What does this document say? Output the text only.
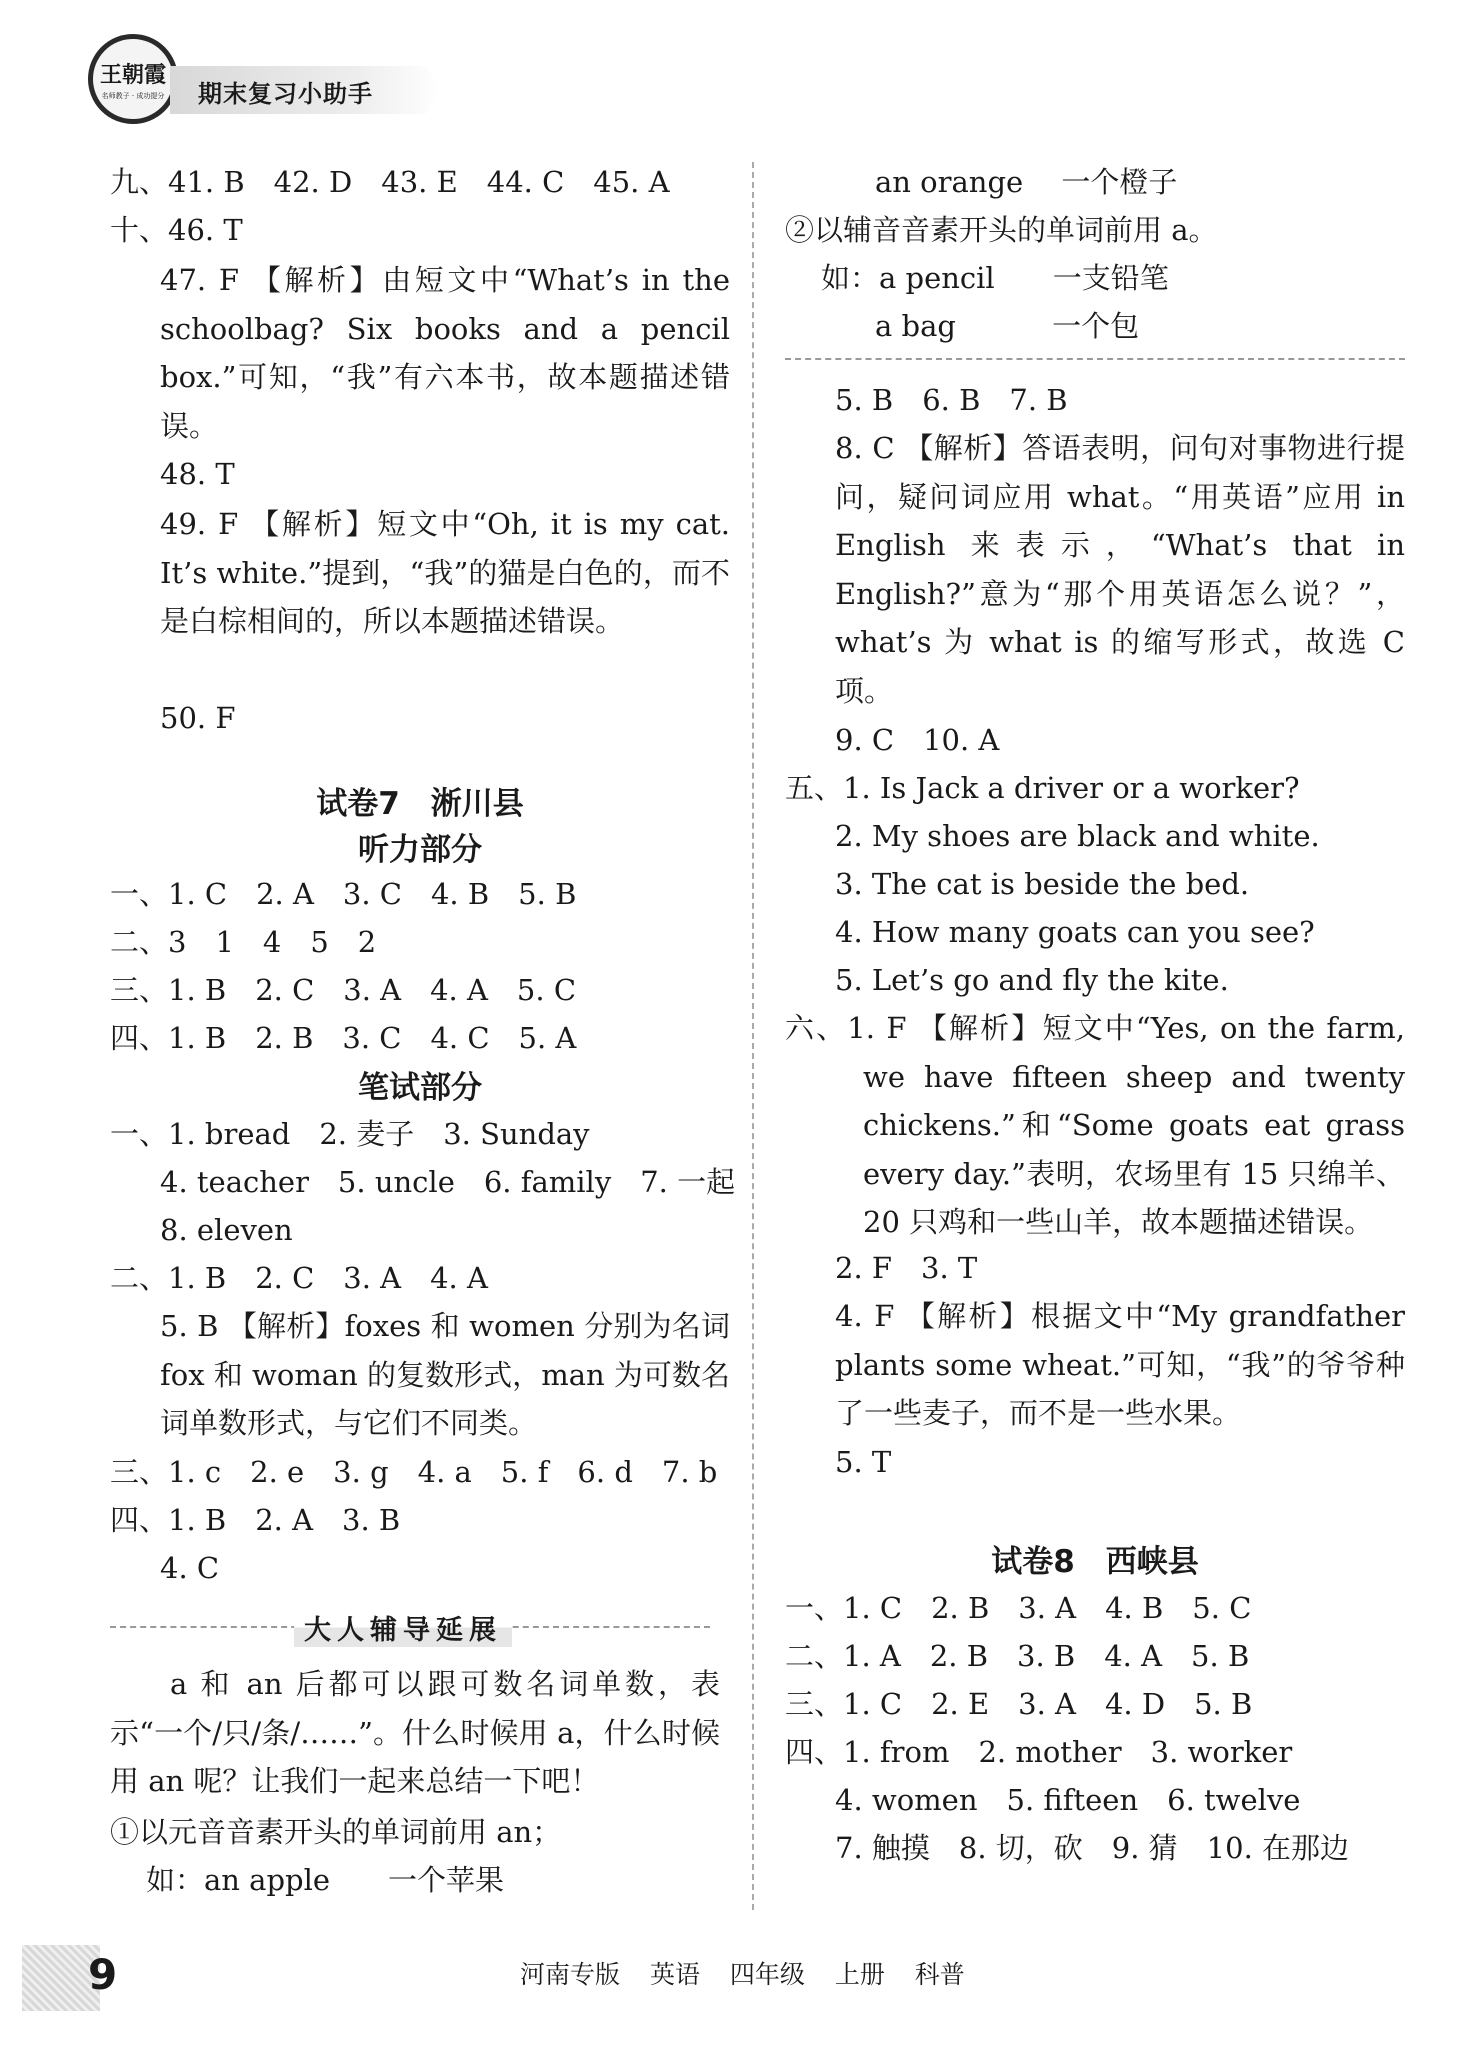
王朝霞
名师教子 · 成功提分 期末复习小助手
九、41. B　42. D　43. E　44. C　45. A
十、46. T
47. F 【解析】由短文中“What’s in the schoolbag? Six books and a pencil box.”可知，“我”有六本书，故本题描述错误。
48. T
49. F 【解析】短文中“Oh, it is my cat. It’s white.”提到，“我”的猫是白色的，而不是白棕相间的，所以本题描述错误。
50. F
试卷7　淅川县
听力部分
一、1. C　2. A　3. C　4. B　5. B
二、3　1　4　5　2
三、1. B　2. C　3. A　4. A　5. C
四、1. B　2. B　3. C　4. C　5. A
笔试部分
一、1. bread　2. 麦子　3. Sunday
4. teacher　5. uncle　6. family　7. 一起
8. eleven
二、1. B　2. C　3. A　4. A
5. B 【解析】foxes 和 women 分别为名词 fox 和 woman 的复数形式，man 为可数名词单数形式，与它们不同类。
三、1. c　2. e　3. g　4. a　5. f　6. d　7. b
四、1. B　2. A　3. B
4. C
大人辅导延展
a 和 an 后都可以跟可数名词单数，表示“一个/只/条/……”。什么时候用 a，什么时候用 an 呢？让我们一起来总结一下吧！
①以元音音素开头的单词前用 an；
如：an apple　　一个苹果
an orange　 一个橙子
②以辅音音素开头的单词前用 a。
如：a pencil　　一支铅笔
a bag　　　 一个包
5. B　6. B　7. B
8. C 【解析】答语表明，问句对事物进行提问，疑问词应用 what。“用英语”应用 in English 来表示，“What’s that in English?”意为“那个用英语怎么说？”，what’s 为 what is 的缩写形式，故选 C 项。
9. C　10. A
五、1. Is Jack a driver or a worker?
2. My shoes are black and white.
3. The cat is beside the bed.
4. How many goats can you see?
5. Let’s go and fly the kite.
六、1. F 【解析】短文中“Yes, on the farm, we have fifteen sheep and twenty chickens.”和“Some goats eat grass every day.”表明，农场里有 15 只绵羊、20 只鸡和一些山羊，故本题描述错误。
2. F　3. T
4. F 【解析】根据文中“My grandfather plants some wheat.”可知，“我”的爷爷种了一些麦子，而不是一些水果。
5. T
试卷8　西峡县
一、1. C　2. B　3. A　4. B　5. C
二、1. A　2. B　3. B　4. A　5. B
三、1. C　2. E　3. A　4. D　5. B
四、1. from　2. mother　3. worker
4. women　5. fifteen　6. twelve
7. 触摸　8. 切，砍　9. 猜　10. 在那边
9	河南专版 英语 四年级 上册 科普
